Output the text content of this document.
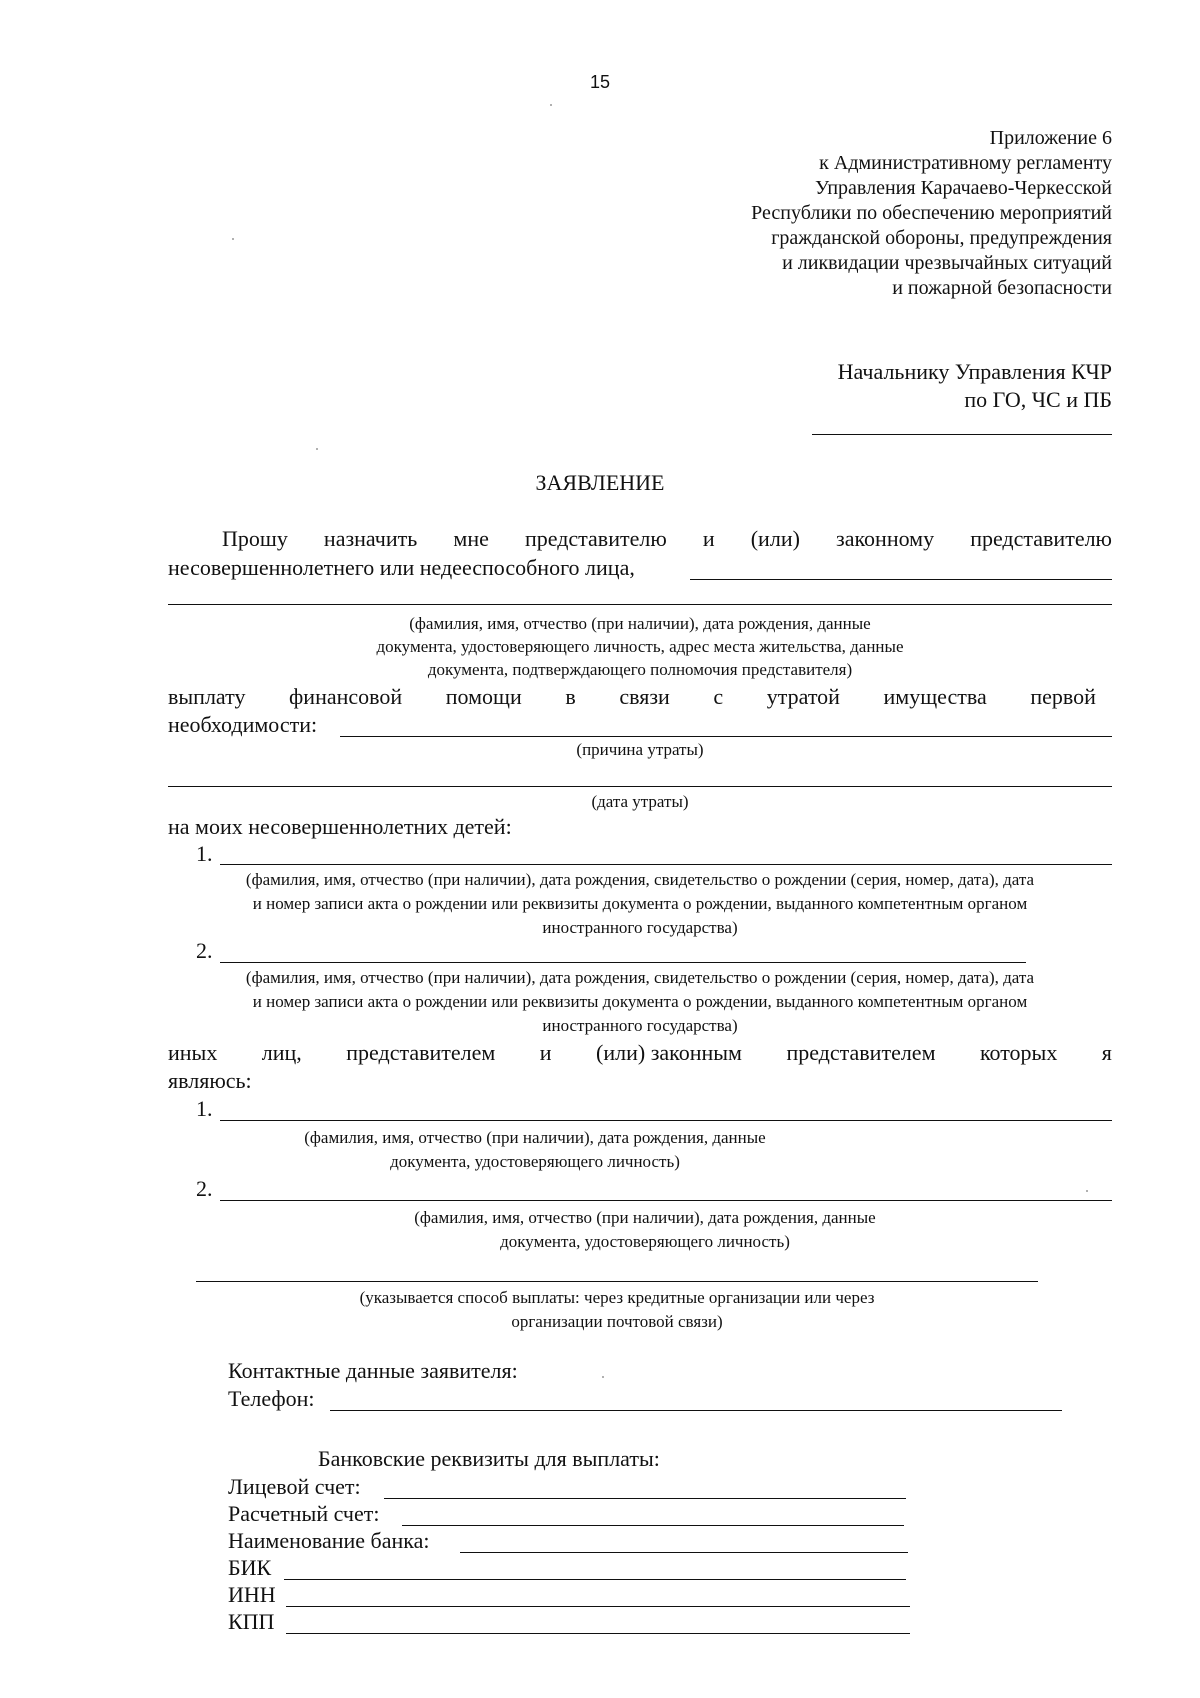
15
Приложение 6
к Административному регламенту
Управления Карачаево-Черкесской
Республики по обеспечению мероприятий
гражданской обороны, предупреждения
и ликвидации чрезвычайных ситуаций
и пожарной безопасности
Начальнику Управления КЧР
по ГО, ЧС и ПБ
ЗАЯВЛЕНИЕ
Прошу назначить мне представителю и (или) законному представителю
несовершеннолетнего или недееспособного лица,
(фамилия, имя, отчество (при наличии), дата рождения, данные
документа, удостоверяющего личность, адрес места жительства, данные
документа, подтверждающего полномочия представителя)
выплату финансовой помощи в связи с утратой имущества первой
необходимости:
(причина утраты)
(дата утраты)
на моих несовершеннолетних детей:
1.
(фамилия, имя, отчество (при наличии), дата рождения, свидетельство о рождении (серия, номер, дата), дата
и номер записи акта о рождении или реквизиты документа о рождении, выданного компетентным органом
иностранного государства)
2.
(фамилия, имя, отчество (при наличии), дата рождения, свидетельство о рождении (серия, номер, дата), дата
и номер записи акта о рождении или реквизиты документа о рождении, выданного компетентным органом
иностранного государства)
иных лиц, представителем и (или) законным представителем которых я
являюсь:
1.
(фамилия, имя, отчество (при наличии), дата рождения, данные
документа, удостоверяющего личность)
2.
(фамилия, имя, отчество (при наличии), дата рождения, данные
документа, удостоверяющего личность)
(указывается способ выплаты: через кредитные организации или через
организации почтовой связи)
Контактные данные заявителя:
Телефон:
Банковские реквизиты для выплаты:
Лицевой счет:
Расчетный счет:
Наименование банка:
БИК
ИНН
КПП
